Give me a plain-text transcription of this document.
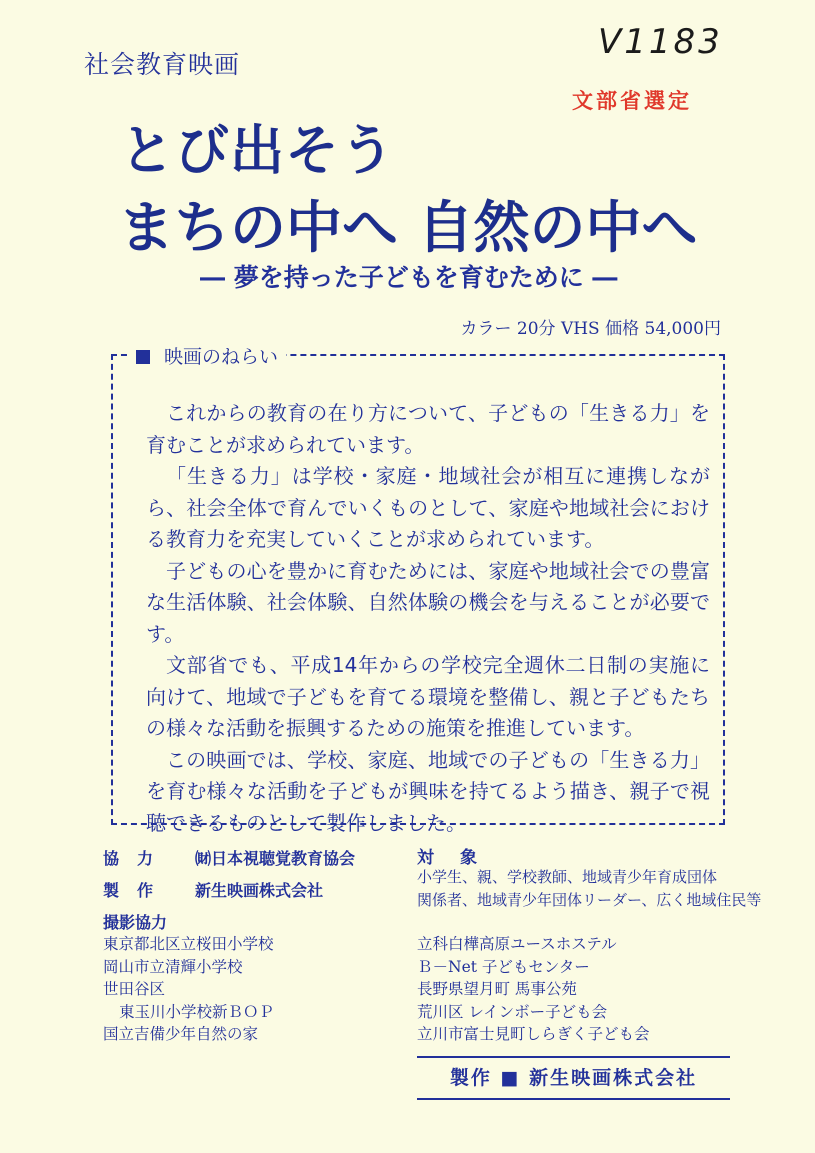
社会教育映画
V1183
文部省選定
とび出そう
まちの中へ 自然の中へ
― 夢を持った子どもを育むために ―
カラー 20分 VHS 価格 54,000円
映画のねらい

これからの教育の在り方について、子どもの「生きる力」を育むことが求められています。

「生きる力」は学校・家庭・地域社会が相互に連携しながら、社会全体で育んでいくものとして、家庭や地域社会における教育力を充実していくことが求められています。

子どもの心を豊かに育むためには、家庭や地域社会での豊富な生活体験、社会体験、自然体験の機会を与えることが必要です。

文部省でも、平成14年からの学校完全週休二日制の実施に向けて、地域で子どもを育てる環境を整備し、親と子どもたちの様々な活動を振興するための施策を推進しています。

この映画では、学校、家庭、地域での子どもの「生きる力」を育む様々な活動を子どもが興味を持てるよう描き、親子で視聴できるものとして製作しました。

協力 ㈶日本視聴覚教育協会
製作 新生映画株式会社
撮影協力
東京都北区立桜田小学校
岡山市立清輝小学校
世田谷区
東玉川小学校新ＢＯＰ
国立吉備少年自然の家
対象
小学生、親、学校教師、地域青少年育成団体
関係者、地域青少年団体リーダー、広く地域住民等
立科白樺高原ユースホステル
Ｂ－Net 子どもセンター
長野県望月町 馬事公苑
荒川区 レインボー子ども会
立川市富士見町しらぎく子ども会
製作 ■ 新生映画株式会社
